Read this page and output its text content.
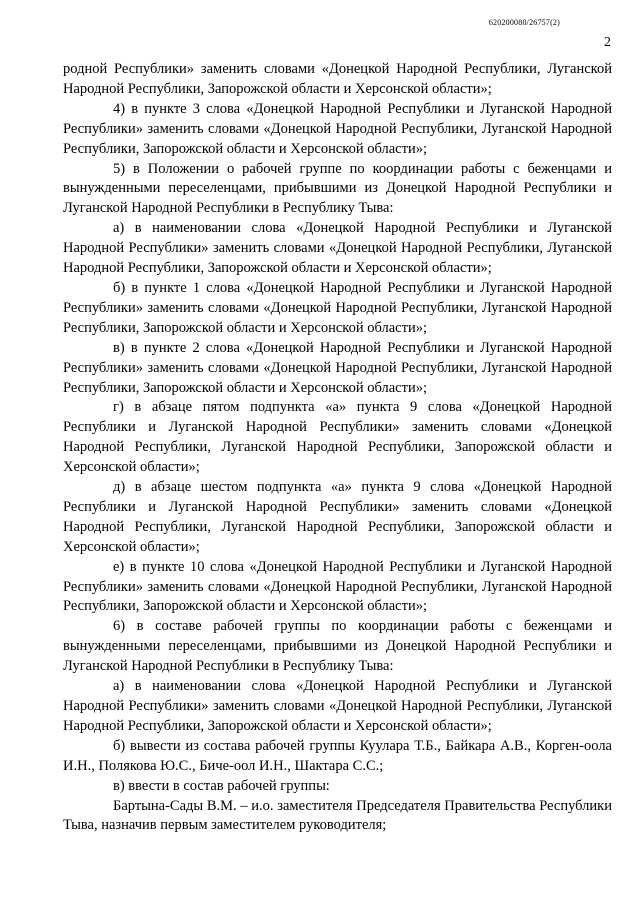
620200080/26757(2)
2

родной Республики» заменить словами «Донецкой Народной Республики, Луганской Народной Республики, Запорожской области и Херсонской области»;

4) в пункте 3 слова «Донецкой Народной Республики и Луганской Народной Республики» заменить словами «Донецкой Народной Республики, Луганской Народной Республики, Запорожской области и Херсонской области»;

5) в Положении о рабочей группе по координации работы с беженцами и вынужденными переселенцами, прибывшими из Донецкой Народной Республики и Луганской Народной Республики в Республику Тыва:

а) в наименовании слова «Донецкой Народной Республики и Луганской Народной Республики» заменить словами «Донецкой Народной Республики, Луганской Народной Республики, Запорожской области и Херсонской области»;

б) в пункте 1 слова «Донецкой Народной Республики и Луганской Народной Республики» заменить словами «Донецкой Народной Республики, Луганской Народной Республики, Запорожской области и Херсонской области»;

в) в пункте 2 слова «Донецкой Народной Республики и Луганской Народной Республики» заменить словами «Донецкой Народной Республики, Луганской Народной Республики, Запорожской области и Херсонской области»;

г) в абзаце пятом подпункта «а» пункта 9 слова «Донецкой Народной Республики и Луганской Народной Республики» заменить словами «Донецкой Народной Республики, Луганской Народной Республики, Запорожской области и Херсонской области»;

д) в абзаце шестом подпункта «а» пункта 9 слова «Донецкой Народной Республики и Луганской Народной Республики» заменить словами «Донецкой Народной Республики, Луганской Народной Республики, Запорожской области и Херсонской области»;

е) в пункте 10 слова «Донецкой Народной Республики и Луганской Народной Республики» заменить словами «Донецкой Народной Республики, Луганской Народной Республики, Запорожской области и Херсонской области»;

6) в составе рабочей группы по координации работы с беженцами и вынужденными переселенцами, прибывшими из Донецкой Народной Республики и Луганской Народной Республики в Республику Тыва:

а) в наименовании слова «Донецкой Народной Республики и Луганской Народной Республики» заменить словами «Донецкой Народной Республики, Луганской Народной Республики, Запорожской области и Херсонской области»;

б) вывести из состава рабочей группы Куулара Т.Б., Байкара А.В., Корген-оола И.Н., Полякова Ю.С., Биче-оол И.Н., Шактара С.С.;

в) ввести в состав рабочей группы:

Бартына-Сады В.М. – и.о. заместителя Председателя Правительства Республики Тыва, назначив первым заместителем руководителя;
